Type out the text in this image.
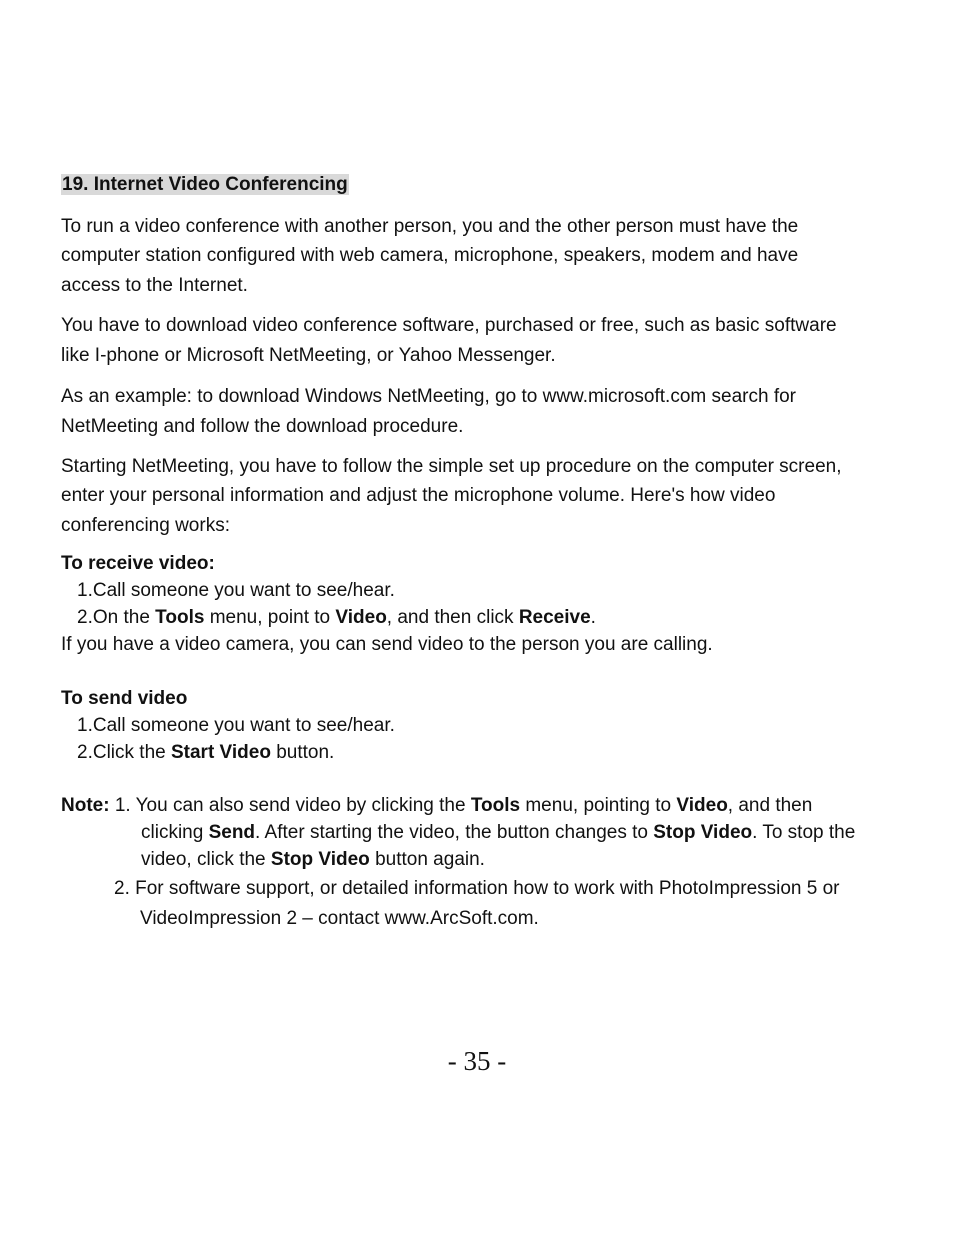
19. Internet Video Conferencing
To run a video conference with another person, you and the other person must have the
computer station configured with web camera, microphone, speakers, modem and have
access to the Internet.
You have to download video conference software, purchased or free, such as basic software
like I-phone or Microsoft NetMeeting, or Yahoo Messenger.
As an example: to download Windows NetMeeting, go to www.microsoft.com search for
NetMeeting and follow the download procedure.
Starting NetMeeting, you have to follow the simple set up procedure on the computer screen,
enter your personal information and adjust the microphone volume. Here's how video
conferencing works:
To receive video:
1.Call someone you want to see/hear.
2.On the Tools menu, point to Video, and then click Receive.
If you have a video camera, you can send video to the person you are calling.
To send video
1.Call someone you want to see/hear.
2.Click the Start Video button.
Note: 1. You can also send video by clicking the Tools menu, pointing to Video, and then
clicking Send. After starting the video, the button changes to Stop Video. To stop the
video, click the Stop Video button again.
2. For software support, or detailed information how to work with PhotoImpression 5 or
VideoImpression 2 – contact www.ArcSoft.com.
- 35 -
